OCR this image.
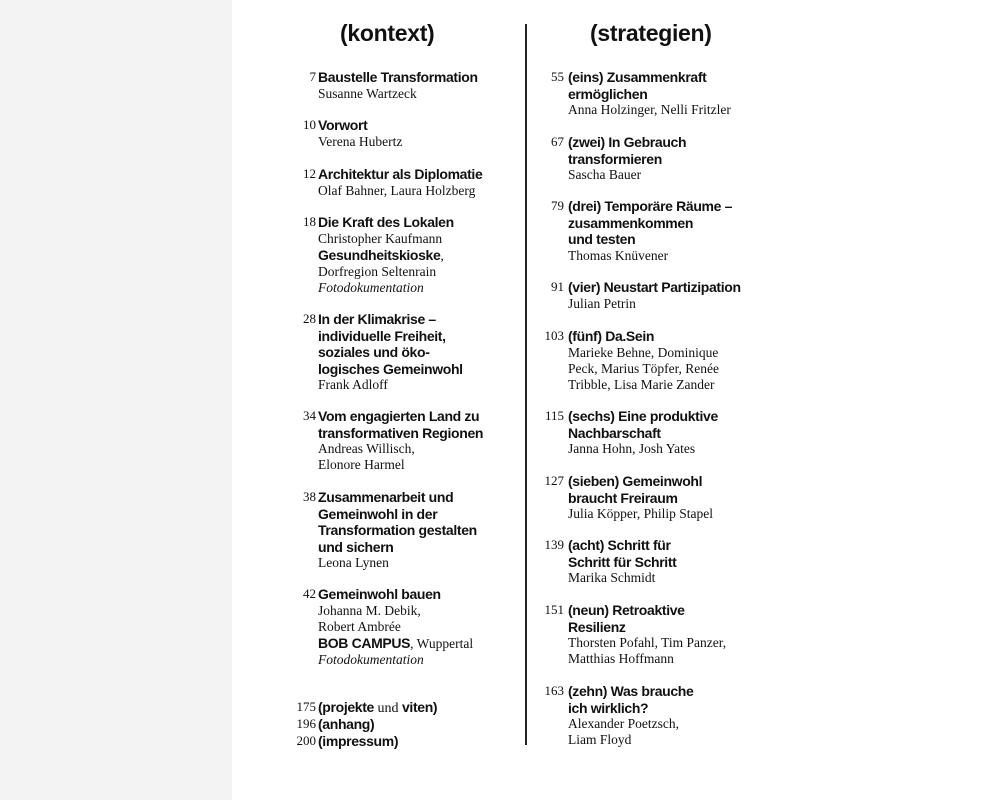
(kontext)	(strategien)
7 Baustelle Transformation
Susanne Wartzeck
10 Vorwort
Verena Hubertz
12 Architektur als Diplomatie
Olaf Bahner, Laura Holzberg
18 Die Kraft des Lokalen
Christopher Kaufmann
Gesundheitskioske,
Dorfregion Seltenrain
Fotodokumentation
28 In der Klimakrise –
individuelle Freiheit,
soziales und öko-
logisches Gemeinwohl
Frank Adloff
34 Vom engagierten Land zu
transformativen Regionen
Andreas Willisch,
Elonore Harmel
38 Zusammenarbeit und
Gemeinwohl in der
Transformation gestalten
und sichern
Leona Lynen
42 Gemeinwohl bauen
Johanna M. Debik,
Robert Ambrée
BOB CAMPUS, Wuppertal
Fotodokumentation
175 (projekte und viten)
196 (anhang)
200 (impressum)
55 (eins) Zusammenkraft
ermöglichen
Anna Holzinger, Nelli Fritzler
67 (zwei) In Gebrauch
transformieren
Sascha Bauer
79 (drei) Temporäre Räume –
zusammenkommen
und testen
Thomas Knüvener
91 (vier) Neustart Partizipation
Julian Petrin
103 (fünf) Da.Sein
Marieke Behne, Dominique
Peck, Marius Töpfer, Renée
Tribble, Lisa Marie Zander
115 (sechs) Eine produktive
Nachbarschaft
Janna Hohn, Josh Yates
127 (sieben) Gemeinwohl
braucht Freiraum
Julia Köpper, Philip Stapel
139 (acht) Schritt für
Schritt für Schritt
Marika Schmidt
151 (neun) Retroaktive
Resilienz
Thorsten Pofahl, Tim Panzer,
Matthias Hoffmann
163 (zehn) Was brauche
ich wirklich?
Alexander Poetzsch,
Liam Floyd
